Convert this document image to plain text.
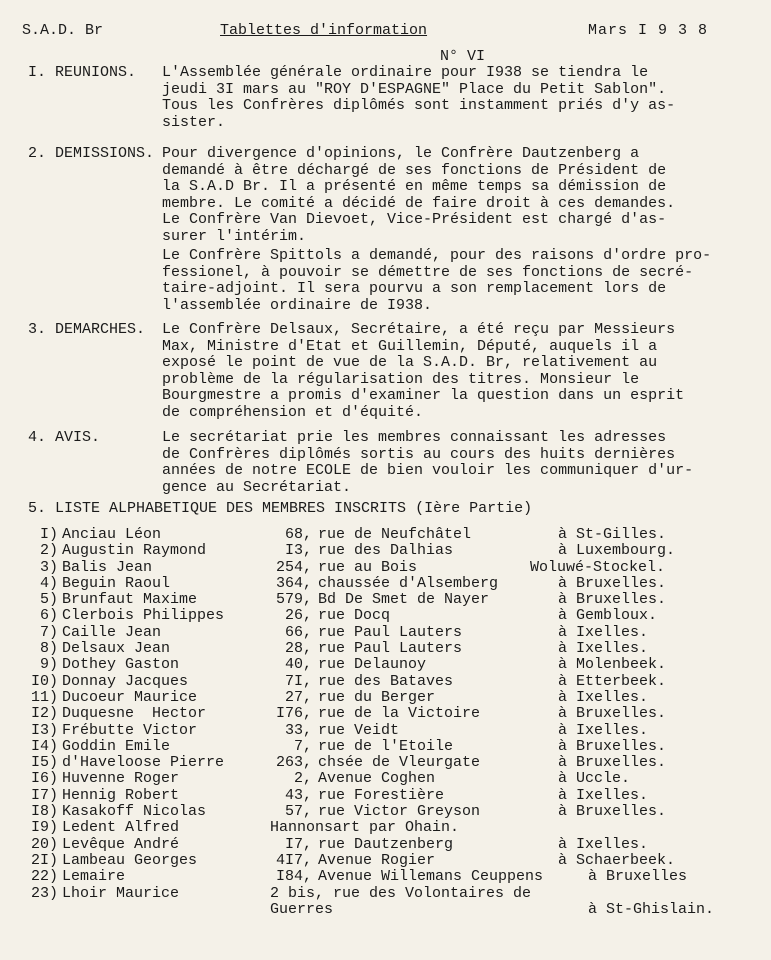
S.A.D. Br	Tablettes d'information	Mars I 9 3 8
N° VI
I. REUNIONS. L'Assemblée générale ordinaire pour I938 se tiendra le
jeudi 3I mars au "ROY D'ESPAGNE" Place du Petit Sablon".
Tous les Confrères diplômés sont instamment priés d'y as-
sister.
2. DEMISSIONS. Pour divergence d'opinions, le Confrère Dautzenberg a
demandé à être déchargé de ses fonctions de Président de
la S.A.D Br. Il a présenté en même temps sa démission de
membre. Le comité a décidé de faire droit à ces demandes.
Le Confrère Van Dievoet, Vice-Président est chargé d'as-
surer l'intérim.
Le Confrère Spittols a demandé, pour des raisons d'ordre pro-
fessionel, à pouvoir se démettre de ses fonctions de secré-
taire-adjoint. Il sera pourvu a son remplacement lors de
l'assemblée ordinaire de I938.
3. DEMARCHES. Le Confrère Delsaux, Secrétaire, a été reçu par Messieurs
Max, Ministre d'Etat et Guillemin, Député, auquels il a
exposé le point de vue de la S.A.D. Br, relativement au
problème de la régularisation des titres. Monsieur le
Bourgmestre a promis d'examiner la question dans un esprit
de compréhension et d'équité.
4. AVIS.	Le secrétariat prie les membres connaissant les adresses
de Confrères diplômés sortis au cours des huits dernières
années de notre ECOLE de bien vouloir les communiquer d'ur-
gence au Secrétariat.
5. LISTE ALPHABETIQUE DES MEMBRES INSCRITS (Ière Partie)
I) Anciau Léon	68, rue de Neufchâtel	à St-Gilles.
2) Augustin Raymond	I3, rue des Dalhias	à Luxembourg.
3) Balis Jean	254, rue au Bois	Woluwé-Stockel.
4) Beguin Raoul	364, chaussée d'Alsemberg	à Bruxelles.
5) Brunfaut Maxime	579, Bd De Smet de Nayer	à Bruxelles.
6) Clerbois Philippes	26, rue Docq	à Gembloux.
7) Caille Jean	66, rue Paul Lauters	à Ixelles.
8) Delsaux Jean	28, rue Paul Lauters	à Ixelles.
9) Dothey Gaston	40, rue Delaunoy	à Molenbeek.
I0) Donnay Jacques	7I, rue des Bataves	à Etterbeek.
11) Ducoeur Maurice	27, rue du Berger	à Ixelles.
I2) Duquesne  Hector	I76, rue de la Victoire	à Bruxelles.
I3) Frébutte Victor	33, rue Veidt	à Ixelles.
I4) Goddin Emile	7, rue de l'Etoile	à Bruxelles.
I5) d'Haveloose Pierre	263, chsée de Vleurgate	à Bruxelles.
I6) Huvenne Roger	2, Avenue Coghen	à Uccle.
I7) Hennig Robert	43, rue Forestière	à Ixelles.
I8) Kasakoff Nicolas	57, rue Victor Greyson	à Bruxelles.
I9) Ledent Alfred	Hannonsart par Ohain.
20) Levêque André	I7, rue Dautzenberg	à Ixelles.
2I) Lambeau Georges	4I7, Avenue Rogier	à Schaerbeek.
22) Lemaire	I84, Avenue Willemans Ceuppens	à Bruxelles
23) Lhoir Maurice	2 bis, rue des Volontaires de
Guerres	à St-Ghislain.
